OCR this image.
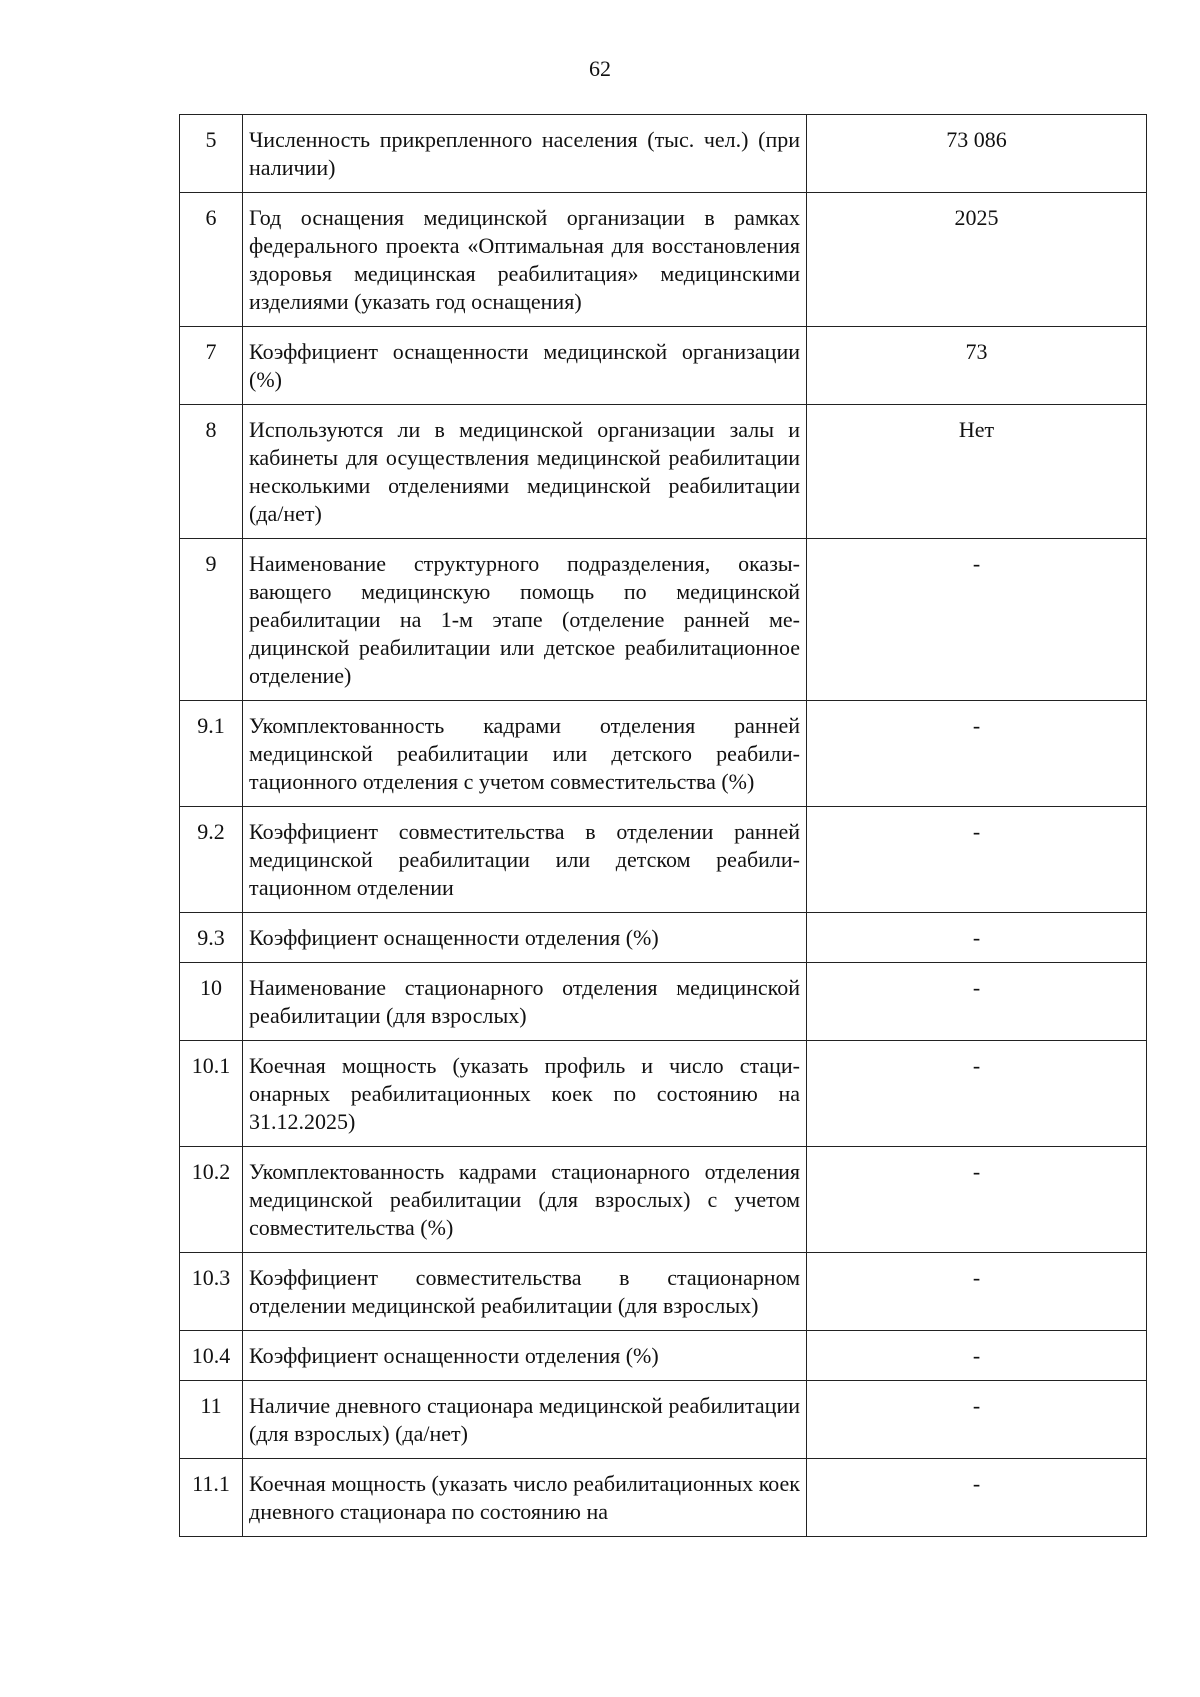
62
5	Численность прикрепленного населения (тыс. чел.) (при наличии)	73 086
6	Год оснащения медицинской организации в рамках федерального проекта «Оптимальная для восстановления здоровья медицинская реабилитация» медицинскими изделиями (указать год оснащения)	2025
7	Коэффициент оснащенности медицинской организации (%)	73
8	Используются ли в медицинской организации залы и кабинеты для осуществления медицинской реабилитации несколькими отделениями медицинской реабилитации (да/нет)	Нет
9	Наименование структурного подразделения, оказывающего медицинскую помощь по медицинской реабилитации на 1-м этапе (отделение ранней медицинской реабилитации или детское реабилитационное отделение)	-
9.1	Укомплектованность кадрами отделения ранней медицинской реабилитации или детского реабилитационного отделения с учетом совместительства (%)	-
9.2	Коэффициент совместительства в отделении ранней медицинской реабилитации или детском реабилитационном отделении	-
9.3	Коэффициент оснащенности отделения (%)	-
10	Наименование стационарного отделения медицинской реабилитации (для взрослых)	-
10.1	Коечная мощность (указать профиль и число стационарных реабилитационных коек по состоянию на 31.12.2025)	-
10.2	Укомплектованность кадрами стационарного отделения медицинской реабилитации (для взрослых) с учетом совместительства (%)	-
10.3	Коэффициент совместительства в стационарном отделении медицинской реабилитации (для взрослых)	-
10.4	Коэффициент оснащенности отделения (%)	-
11	Наличие дневного стационара медицинской реабилитации (для взрослых) (да/нет)	-
11.1	Коечная мощность (указать число реабилитационных коек дневного стационара по состоянию на	-
